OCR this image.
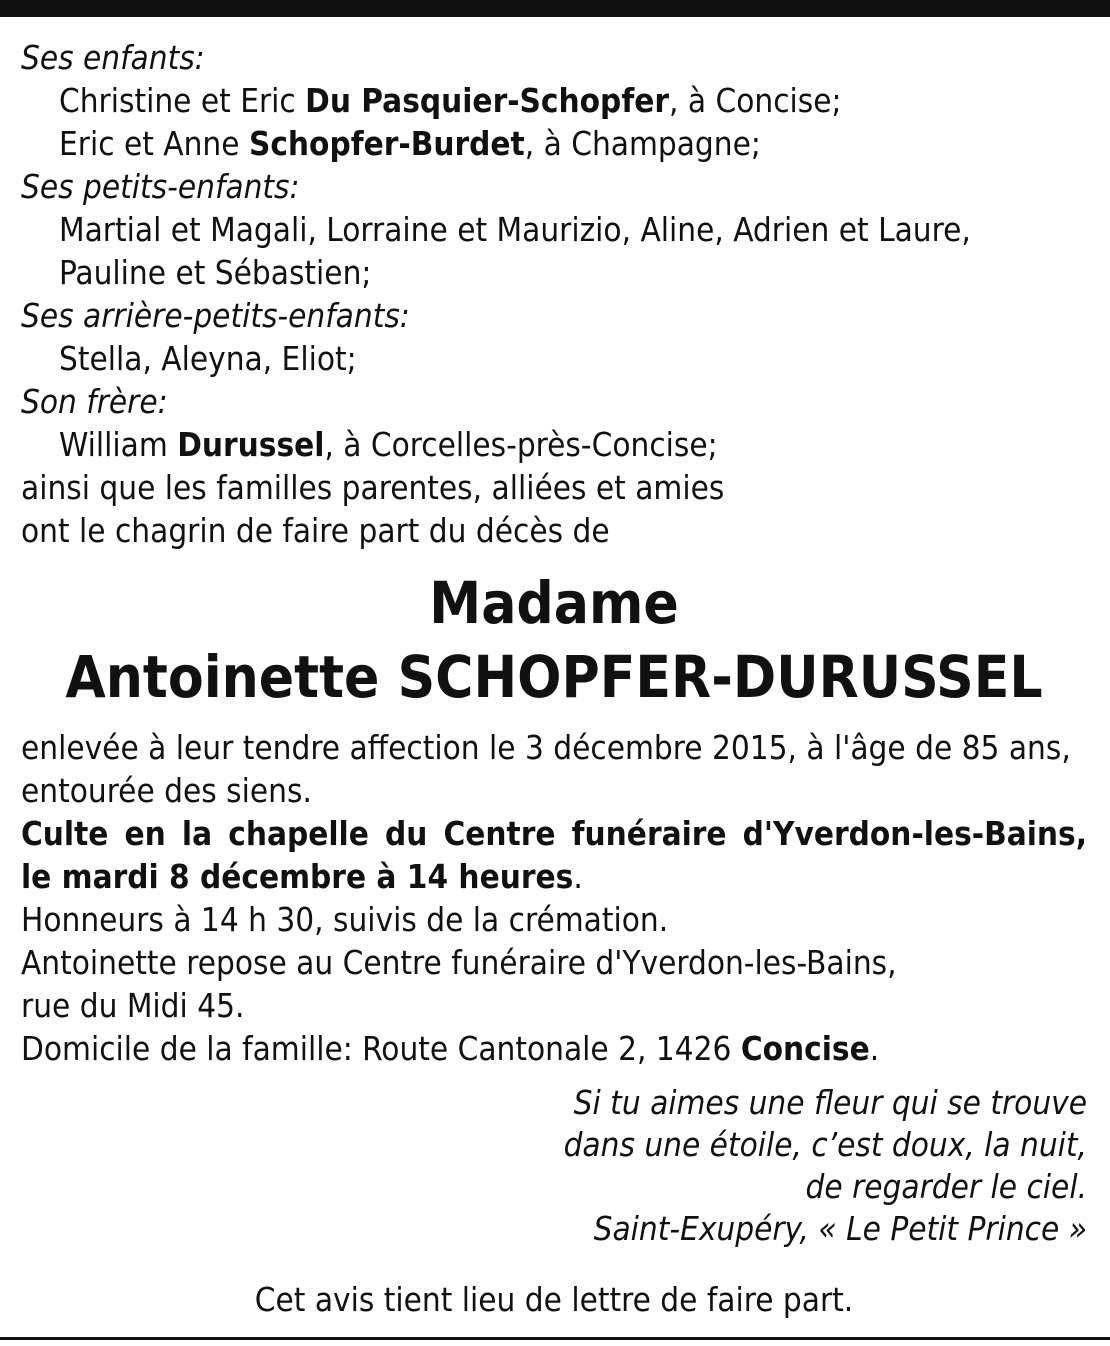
Ses enfants:
Christine et Eric Du Pasquier-Schopfer, à Concise;
Eric et Anne Schopfer-Burdet, à Champagne;
Ses petits-enfants:
Martial et Magali, Lorraine et Maurizio, Aline, Adrien et Laure,
Pauline et Sébastien;
Ses arrière-petits-enfants:
Stella, Aleyna, Eliot;
Son frère:
William Durussel, à Corcelles-près-Concise;
ainsi que les familles parentes, alliées et amies
ont le chagrin de faire part du décès de
Madame
Antoinette SCHOPFER-DURUSSEL
enlevée à leur tendre affection le 3 décembre 2015, à l'âge de 85 ans,
entourée des siens.
Culte en la chapelle du Centre funéraire d'Yverdon-les-Bains,
le mardi 8 décembre à 14 heures.
Honneurs à 14 h 30, suivis de la crémation.
Antoinette repose au Centre funéraire d'Yverdon-les-Bains,
rue du Midi 45.
Domicile de la famille: Route Cantonale 2, 1426 Concise.
Si tu aimes une fleur qui se trouve
dans une étoile, c’est doux, la nuit,
de regarder le ciel.
Saint-Exupéry, « Le Petit Prince »
Cet avis tient lieu de lettre de faire part.
